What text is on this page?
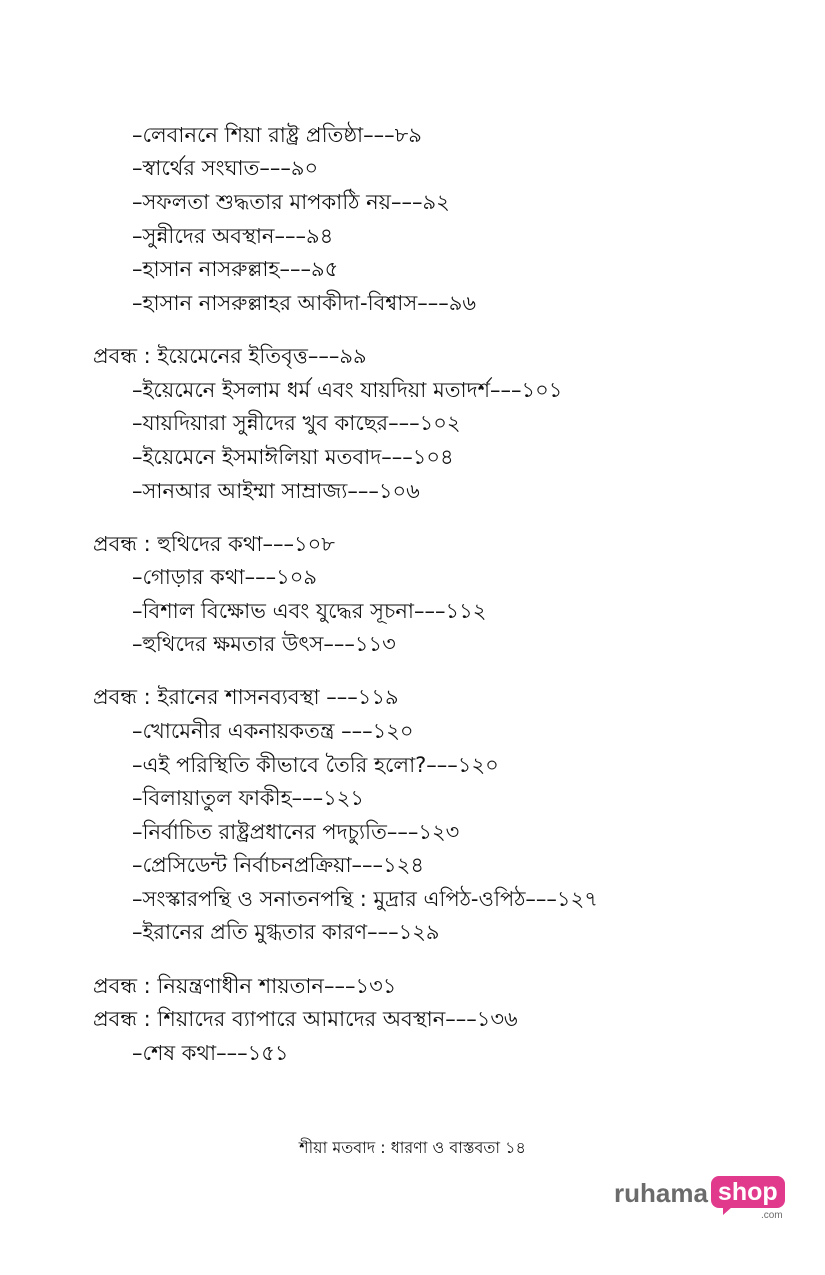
–লেবাননে শিয়া রাষ্ট্র প্রতিষ্ঠা–––৮৯
–স্বার্থের সংঘাত–––৯০
–সফলতা শুদ্ধতার মাপকাঠি নয়–––৯২
–সুন্নীদের অবস্থান–––৯৪
–হাসান নাসরুল্লাহ–––৯৫
–হাসান নাসরুল্লাহর আকীদা-বিশ্বাস–––৯৬
প্রবন্ধ : ইয়েমেনের ইতিবৃত্ত–––৯৯
–ইয়েমেনে ইসলাম ধর্ম এবং যায়দিয়া মতাদর্শ–––১০১
–যায়দিয়ারা সুন্নীদের খুব কাছের–––১০২
–ইয়েমেনে ইসমাঈলিয়া মতবাদ–––১০৪
–সানআর আইম্মা সাম্রাজ্য–––১০৬
প্রবন্ধ : হুথিদের কথা–––১০৮
–গোড়ার কথা–––১০৯
–বিশাল বিক্ষোভ এবং যুদ্ধের সূচনা–––১১২
–হুথিদের ক্ষমতার উৎস–––১১৩
প্রবন্ধ : ইরানের শাসনব্যবস্থা –––১১৯
–খোমেনীর একনায়কতন্ত্র –––১২০
–এই পরিস্থিতি কীভাবে তৈরি হলো?–––১২০
–বিলায়াতুল ফাকীহ–––১২১
–নির্বাচিত রাষ্ট্রপ্রধানের পদচ্যুতি–––১২৩
–প্রেসিডেন্ট নির্বাচনপ্রক্রিয়া–––১২৪
–সংস্কারপন্থি ও সনাতনপন্থি : মুদ্রার এপিঠ-ওপিঠ–––১২৭
–ইরানের প্রতি মুগ্ধতার কারণ–––১২৯
প্রবন্ধ : নিয়ন্ত্রণাধীন শায়তান–––১৩১
প্রবন্ধ : শিয়াদের ব্যাপারে আমাদের অবস্থান–––১৩৬
–শেষ কথা–––১৫১
শীয়া মতবাদ : ধারণা ও বাস্তবতা ১৪
ruhama shop
.com
